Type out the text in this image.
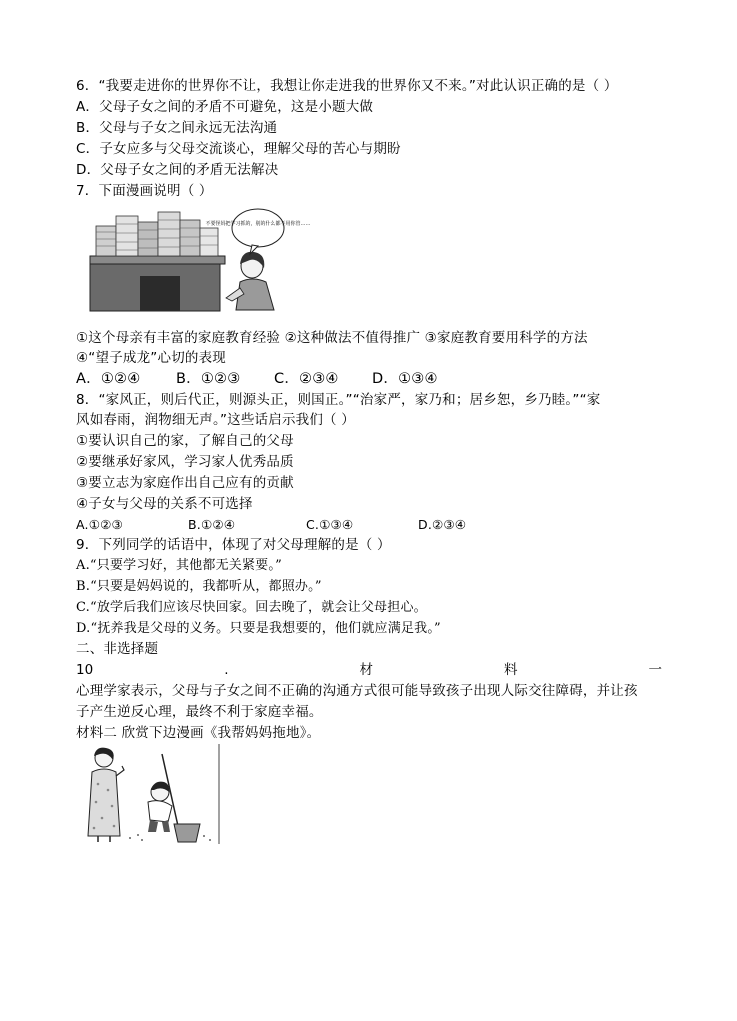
6．“我要走进你的世界你不让，我想让你走进我的世界你又不来。”对此认识正确的是（ ）
A．父母子女之间的矛盾不可避免，这是小题大做
B．父母与子女之间永远无法沟通
C．子女应多与父母交流谈心，理解父母的苦心与期盼
D．父母子女之间的矛盾无法解决
7．下面漫画说明（ ）
不要怪妈把学习抓的，别的什么都不用你管……
①这个母亲有丰富的家庭教育经验 ②这种做法不值得推广 ③家庭教育要用科学的方法
④“望子成龙”心切的表现
A．①②④	B．①②③	C．②③④	D．①③④
8．“家风正，则后代正，则源头正，则国正。”“治家严，家乃和；居乡恕，乡乃睦。”“家
风如春雨，润物细无声。”这些话启示我们（ ）
①要认识自己的家，了解自己的父母
②要继承好家风，学习家人优秀品质
③要立志为家庭作出自己应有的贡献
④子女与父母的关系不可选择
A.①②③	B.①②④	C.①③④	D.②③④
9．下列同学的话语中，体现了对父母理解的是（ ）
A.“只要学习好，其他都无关紧要。”
B.“只要是妈妈说的，我都听从，都照办。”
C.“放学后我们应该尽快回家。回去晚了，就会让父母担心。
D.“抚养我是父母的义务。只要是我想要的，他们就应满足我。”
二、非选择题
10	.	材	料	一
心理学家表示，父母与子女之间不正确的沟通方式很可能导致孩子出现人际交往障碍，并让孩
子产生逆反心理，最终不利于家庭幸福。
材料二 欣赏下边漫画《我帮妈妈拖地》。
